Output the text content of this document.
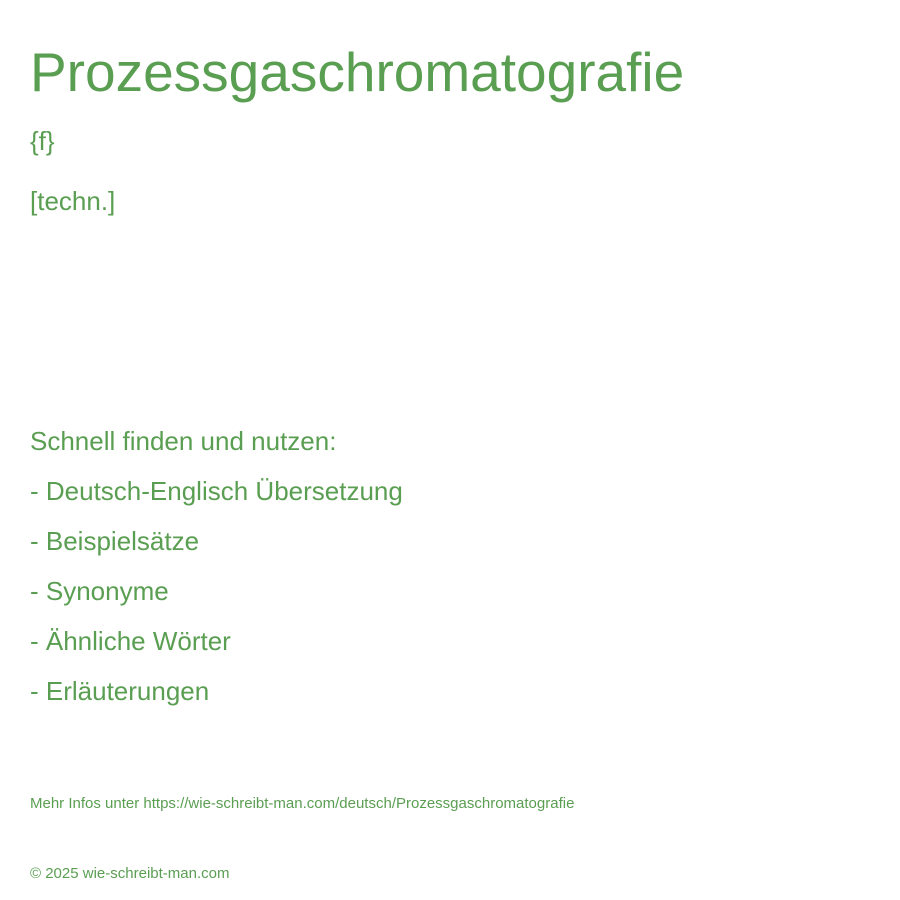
Prozessgaschromatografie
{f}
[techn.]
Schnell finden und nutzen:
- Deutsch-Englisch Übersetzung
- Beispielsätze
- Synonyme
- Ähnliche Wörter
- Erläuterungen
Mehr Infos unter https://wie-schreibt-man.com/deutsch/Prozessgaschromatografie
© 2025 wie-schreibt-man.com
